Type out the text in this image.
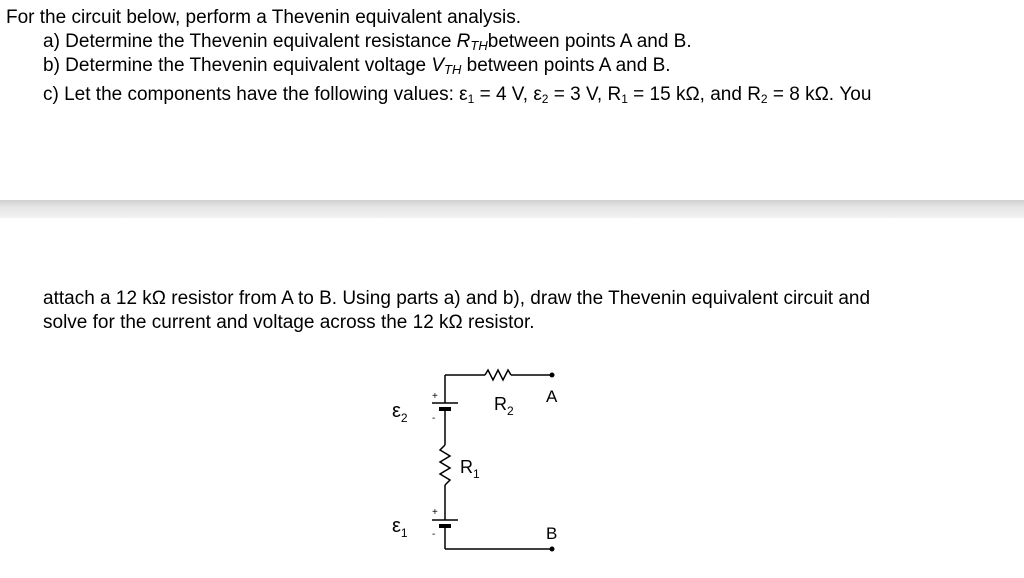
For the circuit below, perform a Thevenin equivalent analysis.
a) Determine the Thevenin equivalent resistance RTHbetween points A and B.
b) Determine the Thevenin equivalent voltage VTH between points A and B.
c) Let the components have the following values: $\varepsilon_1 = 4$ V, $\varepsilon_2 = 3$ V, $R_1 = 15$ kΩ, and $R_2 = 8$ kΩ. You
attach a 12 kΩ resistor from A to B. Using parts a) and b), draw the Thevenin equivalent circuit and
solve for the current and voltage across the 12 kΩ resistor.
+
-
+
-
$\varepsilon_2$
$\varepsilon_1$
$R_1$
$R_2$
A
B
